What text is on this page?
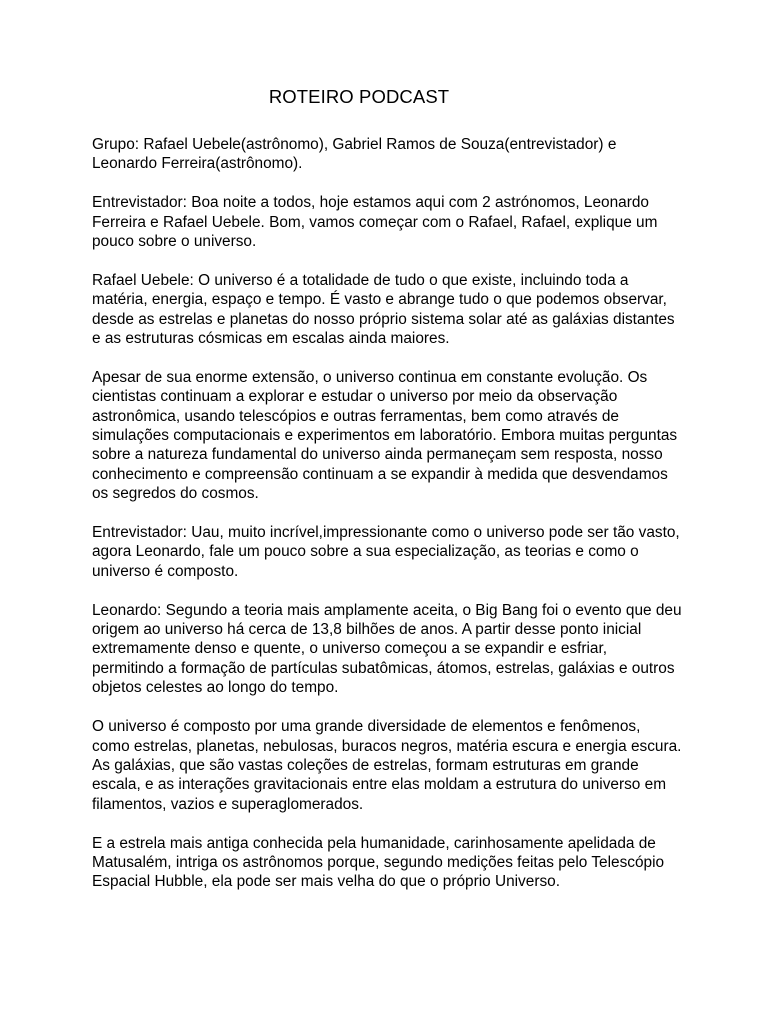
ROTEIRO PODCAST

Grupo: Rafael Uebele(astrônomo), Gabriel Ramos de Souza(entrevistador) e Leonardo Ferreira(astrônomo).

Entrevistador: Boa noite a todos, hoje estamos aqui com 2 astrónomos, Leonardo Ferreira e Rafael Uebele. Bom, vamos começar com o Rafael, Rafael, explique um pouco sobre o universo.

Rafael Uebele: O universo é a totalidade de tudo o que existe, incluindo toda a matéria, energia, espaço e tempo. É vasto e abrange tudo o que podemos observar, desde as estrelas e planetas do nosso próprio sistema solar até as galáxias distantes e as estruturas cósmicas em escalas ainda maiores.

Apesar de sua enorme extensão, o universo continua em constante evolução. Os cientistas continuam a explorar e estudar o universo por meio da observação astronômica, usando telescópios e outras ferramentas, bem como através de simulações computacionais e experimentos em laboratório. Embora muitas perguntas sobre a natureza fundamental do universo ainda permaneçam sem resposta, nosso conhecimento e compreensão continuam a se expandir à medida que desvendamos os segredos do cosmos.

Entrevistador: Uau, muito incrível,impressionante como o universo pode ser tão vasto, agora Leonardo, fale um pouco sobre a sua especialização, as teorias e como o universo é composto.

Leonardo: Segundo a teoria mais amplamente aceita, o Big Bang foi o evento que deu origem ao universo há cerca de 13,8 bilhões de anos. A partir desse ponto inicial extremamente denso e quente, o universo começou a se expandir e esfriar, permitindo a formação de partículas subatômicas, átomos, estrelas, galáxias e outros objetos celestes ao longo do tempo.

O universo é composto por uma grande diversidade de elementos e fenômenos, como estrelas, planetas, nebulosas, buracos negros, matéria escura e energia escura. As galáxias, que são vastas coleções de estrelas, formam estruturas em grande escala, e as interações gravitacionais entre elas moldam a estrutura do universo em filamentos, vazios e superaglomerados.

E a estrela mais antiga conhecida pela humanidade, carinhosamente apelidada de Matusalém, intriga os astrônomos porque, segundo medições feitas pelo Telescópio Espacial Hubble, ela pode ser mais velha do que o próprio Universo.
